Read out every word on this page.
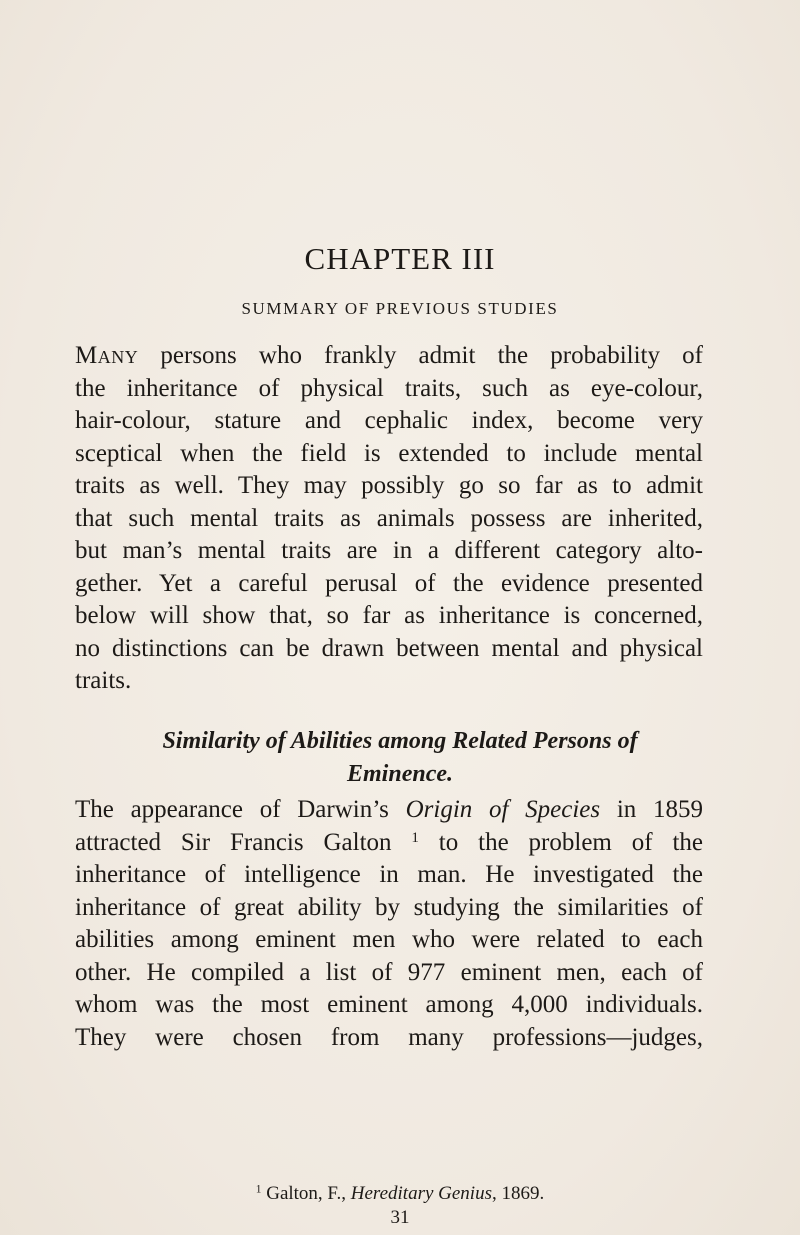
CHAPTER III
SUMMARY OF PREVIOUS STUDIES
Many persons who frankly admit the probability of
the inheritance of physical traits, such as eye-colour,
hair-colour, stature and cephalic index, become very
sceptical when the field is extended to include mental
traits as well. They may possibly go so far as to admit
that such mental traits as animals possess are inherited,
but man’s mental traits are in a different category alto-
gether. Yet a careful perusal of the evidence presented
below will show that, so far as inheritance is concerned,
no distinctions can be drawn between mental and physical
traits.
Similarity of Abilities among Related Persons of
Eminence.
The appearance of Darwin’s Origin of Species in 1859
attracted Sir Francis Galton $^1$ to the problem of the
inheritance of intelligence in man. He investigated the
inheritance of great ability by studying the similarities of
abilities among eminent men who were related to each
other. He compiled a list of 977 eminent men, each of
whom was the most eminent among 4,000 individuals.
They were chosen from many professions—judges,
$^1$ Galton, F., Hereditary Genius, 1869.
31
